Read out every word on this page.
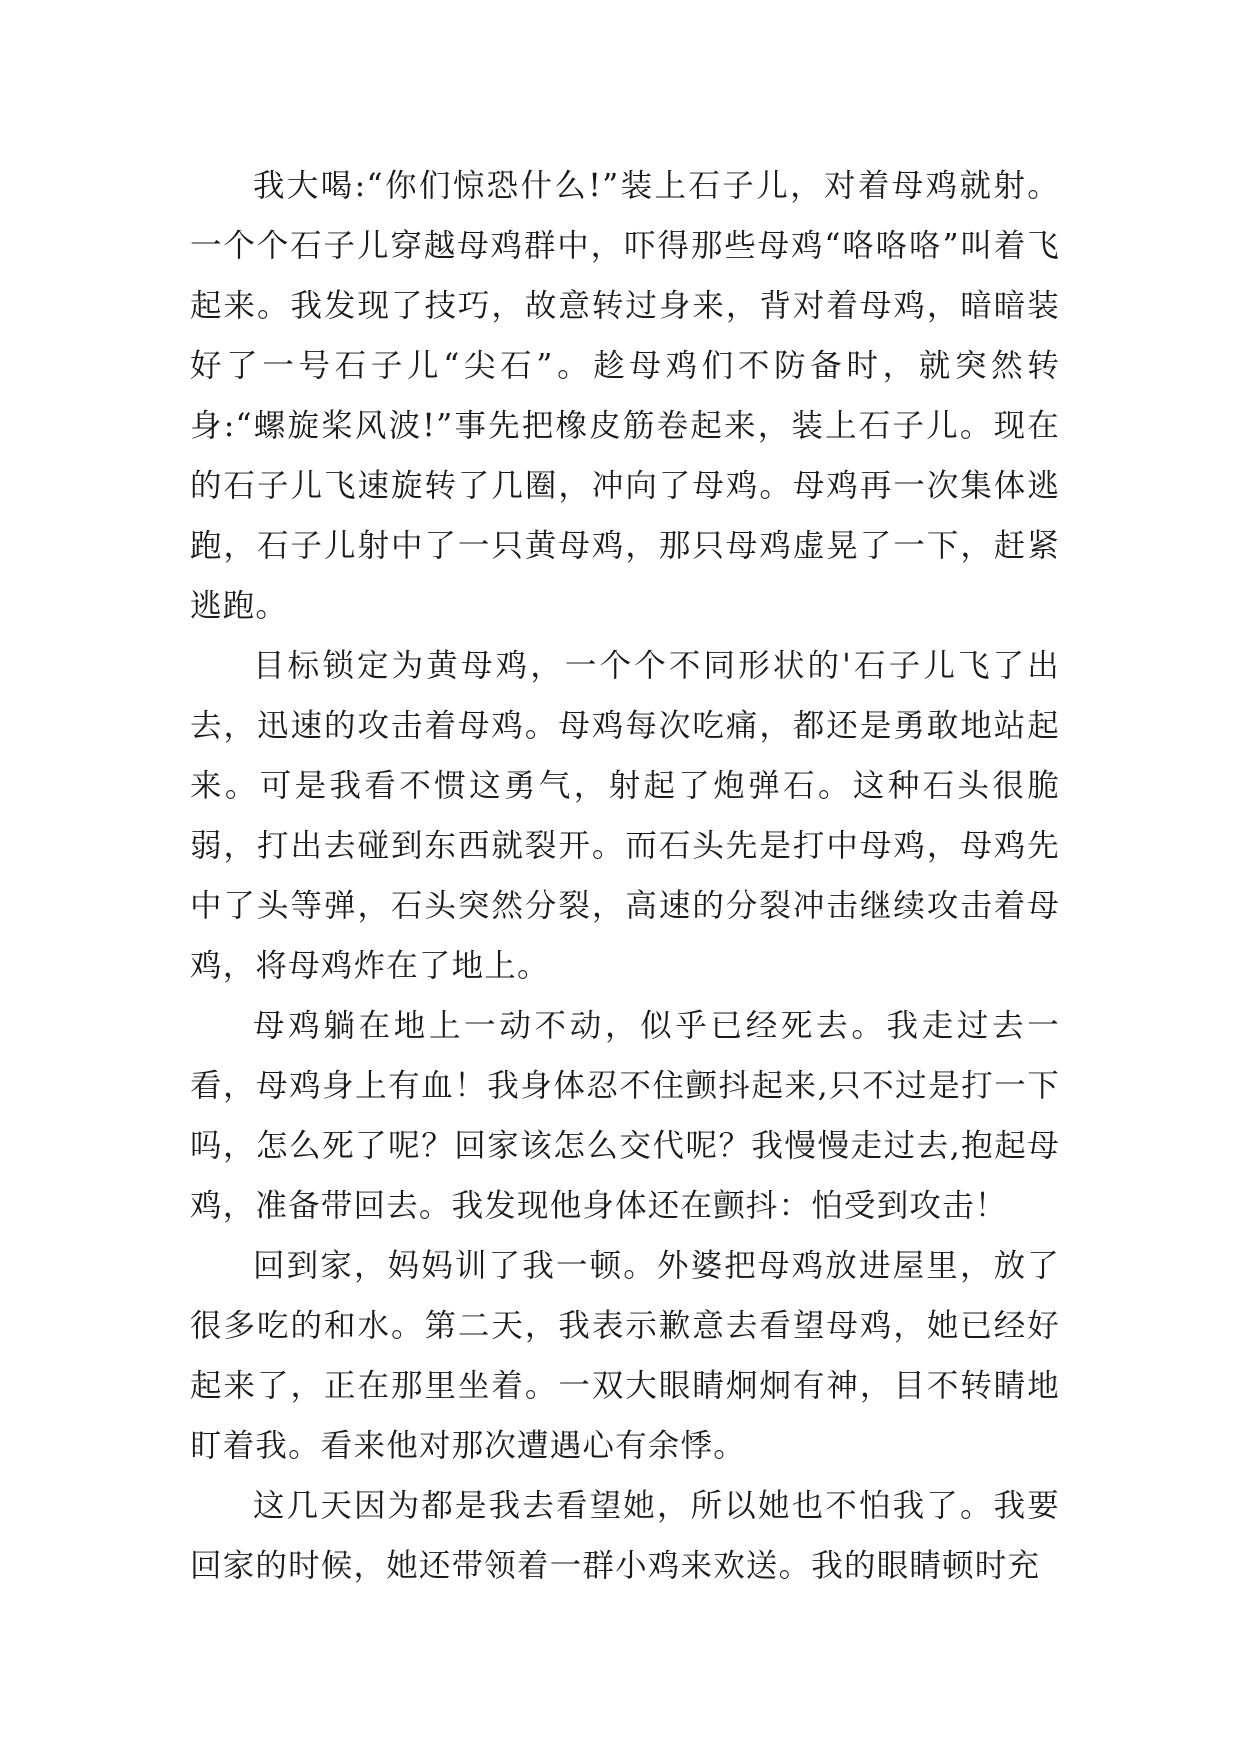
我大喝:“你们惊恐什么!”装上石子儿，对着母鸡就射。一个个石子儿穿越母鸡群中，吓得那些母鸡“咯咯咯”叫着飞起来。我发现了技巧，故意转过身来，背对着母鸡，暗暗装好了一号石子儿“尖石”。趁母鸡们不防备时，就突然转身:“螺旋桨风波!”事先把橡皮筋卷起来，装上石子儿。现在的石子儿飞速旋转了几圈，冲向了母鸡。母鸡再一次集体逃跑，石子儿射中了一只黄母鸡，那只母鸡虚晃了一下，赶紧逃跑。

目标锁定为黄母鸡，一个个不同形状的'石子儿飞了出去，迅速的攻击着母鸡。母鸡每次吃痛，都还是勇敢地站起来。可是我看不惯这勇气，射起了炮弹石。这种石头很脆弱，打出去碰到东西就裂开。而石头先是打中母鸡，母鸡先中了头等弹，石头突然分裂，高速的分裂冲击继续攻击着母鸡，将母鸡炸在了地上。

母鸡躺在地上一动不动，似乎已经死去。我走过去一看，母鸡身上有血！我身体忍不住颤抖起来,只不过是打一下吗，怎么死了呢？回家该怎么交代呢？我慢慢走过去,抱起母鸡，准备带回去。我发现他身体还在颤抖：怕受到攻击！

回到家，妈妈训了我一顿。外婆把母鸡放进屋里，放了很多吃的和水。第二天，我表示歉意去看望母鸡，她已经好起来了，正在那里坐着。一双大眼睛炯炯有神，目不转睛地盯着我。看来他对那次遭遇心有余悸。

这几天因为都是我去看望她，所以她也不怕我了。我要回家的时候，她还带领着一群小鸡来欢送。我的眼睛顿时充
